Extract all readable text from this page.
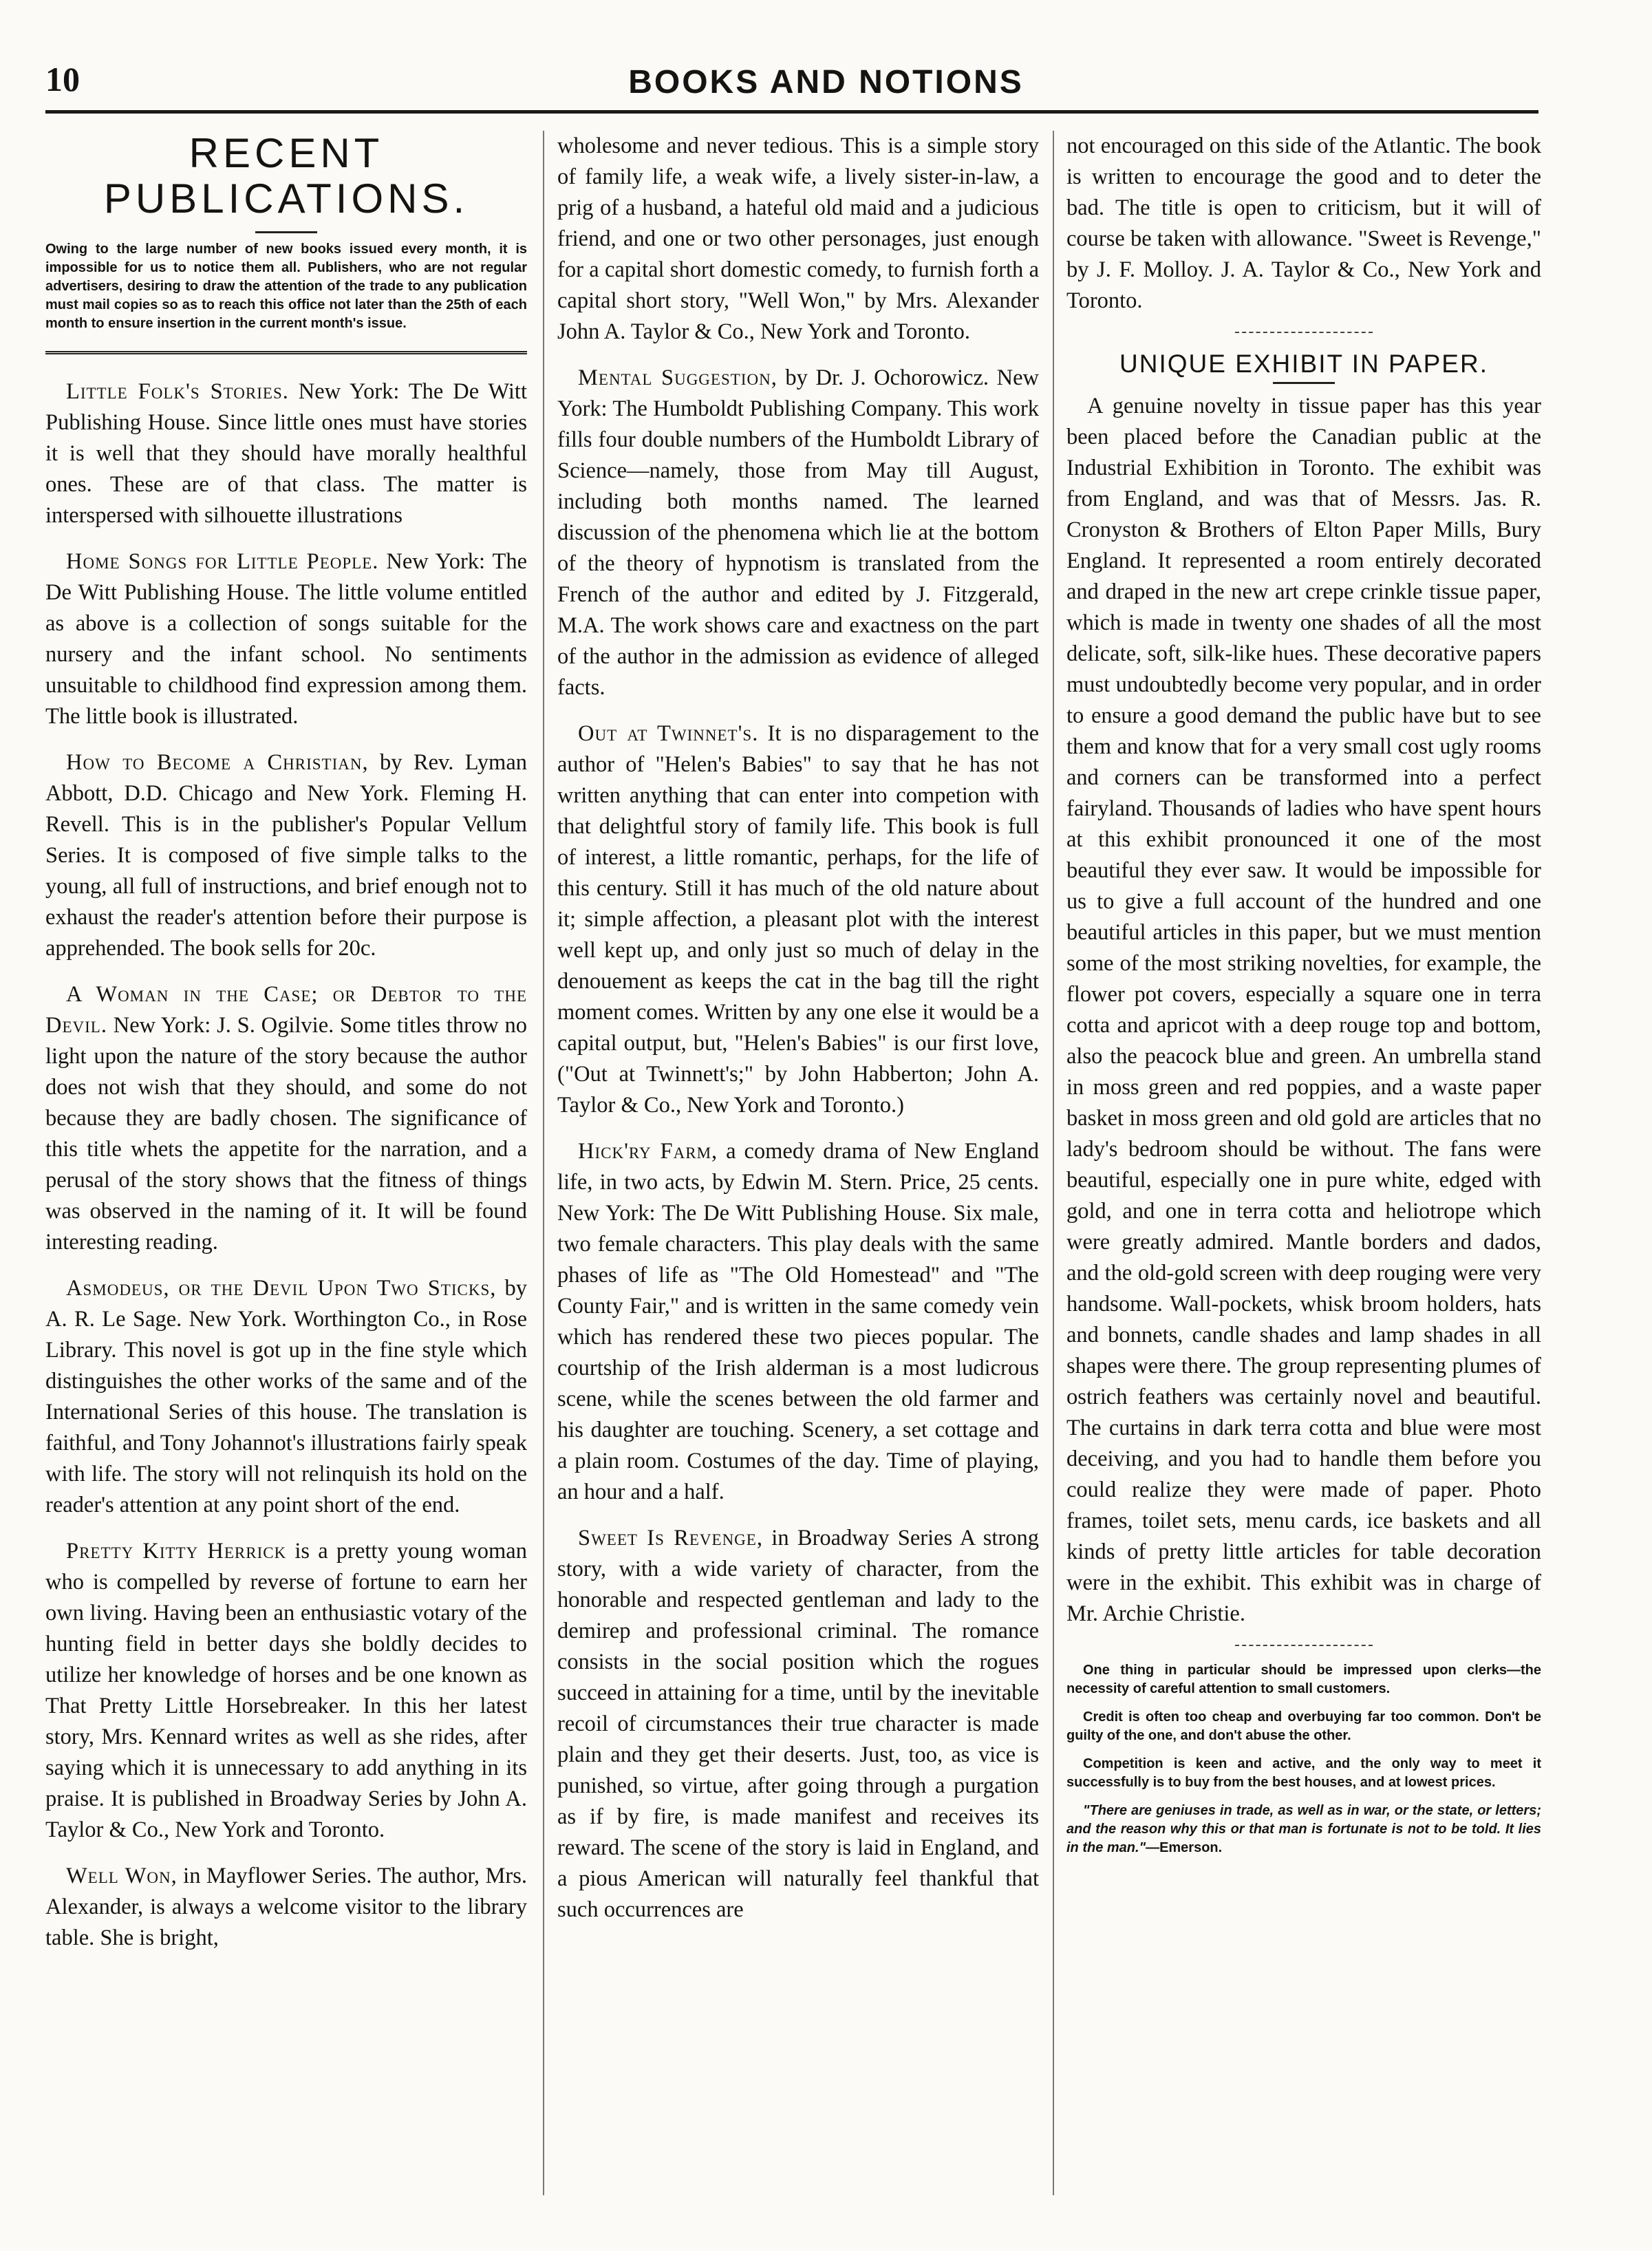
10	BOOKS AND NOTIONS
RECENT
PUBLICATIONS.

Owing to the large number of new books issued every month, it is impossible for us to notice them all. Publishers, who are not regular advertisers, desiring to draw the attention of the trade to any publication must mail copies so as to reach this office not later than the 25th of each month to ensure insertion in the current month's issue.

Little Folk's Stories. New York: The De Witt Publishing House. Since little ones must have stories it is well that they should have morally healthful ones. These are of that class. The matter is interspersed with silhouette illustrations

Home Songs for Little People. New York: The De Witt Publishing House. The little volume entitled as above is a collection of songs suitable for the nursery and the infant school. No sentiments unsuitable to childhood find expression among them. The little book is illustrated.

How to Become a Christian, by Rev. Lyman Abbott, D.D. Chicago and New York. Fleming H. Revell. This is in the publisher's Popular Vellum Series. It is composed of five simple talks to the young, all full of instructions, and brief enough not to exhaust the reader's attention before their purpose is apprehended. The book sells for 20c.

A Woman in the Case; or Debtor to the Devil. New York: J. S. Ogilvie. Some titles throw no light upon the nature of the story because the author does not wish that they should, and some do not because they are badly chosen. The significance of this title whets the appetite for the narration, and a perusal of the story shows that the fitness of things was observed in the naming of it. It will be found interesting reading.

Asmodeus, or the Devil Upon Two Sticks, by A. R. Le Sage. New York. Worthington Co., in Rose Library. This novel is got up in the fine style which distinguishes the other works of the same and of the International Series of this house. The translation is faithful, and Tony Johannot's illustrations fairly speak with life. The story will not relinquish its hold on the reader's attention at any point short of the end.

Pretty Kitty Herrick is a pretty young woman who is compelled by reverse of fortune to earn her own living. Having been an enthusiastic votary of the hunting field in better days she boldly decides to utilize her knowledge of horses and be one known as That Pretty Little Horsebreaker. In this her latest story, Mrs. Kennard writes as well as she rides, after saying which it is unnecessary to add anything in its praise. It is published in Broadway Series by John A. Taylor & Co., New York and Toronto.

Well Won, in Mayflower Series. The author, Mrs. Alexander, is always a welcome visitor to the library table. She is bright,

wholesome and never tedious. This is a simple story of family life, a weak wife, a lively sister-in-law, a prig of a husband, a hateful old maid and a judicious friend, and one or two other personages, just enough for a capital short domestic comedy, to furnish forth a capital short story, "Well Won," by Mrs. Alexander John A. Taylor & Co., New York and Toronto.

Mental Suggestion, by Dr. J. Ochorowicz. New York: The Humboldt Publishing Company. This work fills four double numbers of the Humboldt Library of Science—namely, those from May till August, including both months named. The learned discussion of the phenomena which lie at the bottom of the theory of hypnotism is translated from the French of the author and edited by J. Fitzgerald, M.A. The work shows care and exactness on the part of the author in the admission as evidence of alleged facts.

Out at Twinnet's. It is no disparagement to the author of "Helen's Babies" to say that he has not written anything that can enter into competion with that delightful story of family life. This book is full of interest, a little romantic, perhaps, for the life of this century. Still it has much of the old nature about it; simple affection, a pleasant plot with the interest well kept up, and only just so much of delay in the denouement as keeps the cat in the bag till the right moment comes. Written by any one else it would be a capital output, but, "Helen's Babies" is our first love, ("Out at Twinnett's;" by John Habberton; John A. Taylor & Co., New York and Toronto.)

Hick'ry Farm, a comedy drama of New England life, in two acts, by Edwin M. Stern. Price, 25 cents. New York: The De Witt Publishing House. Six male, two female characters. This play deals with the same phases of life as "The Old Homestead" and "The County Fair," and is written in the same comedy vein which has rendered these two pieces popular. The courtship of the Irish alderman is a most ludicrous scene, while the scenes between the old farmer and his daughter are touching. Scenery, a set cottage and a plain room. Costumes of the day. Time of playing, an hour and a half.

Sweet Is Revenge, in Broadway Series A strong story, with a wide variety of character, from the honorable and respected gentleman and lady to the demirep and professional criminal. The romance consists in the social position which the rogues succeed in attaining for a time, until by the inevitable recoil of circumstances their true character is made plain and they get their deserts. Just, too, as vice is punished, so virtue, after going through a purgation as if by fire, is made manifest and receives its reward. The scene of the story is laid in England, and a pious American will naturally feel thankful that such occurrences are

not encouraged on this side of the Atlantic. The book is written to encourage the good and to deter the bad. The title is open to criticism, but it will of course be taken with allowance. "Sweet is Revenge," by J. F. Molloy. J. A. Taylor & Co., New York and Toronto.

UNIQUE EXHIBIT IN PAPER.

A genuine novelty in tissue paper has this year been placed before the Canadian public at the Industrial Exhibition in Toronto. The exhibit was from England, and was that of Messrs. Jas. R. Cronyston & Brothers of Elton Paper Mills, Bury England. It represented a room entirely decorated and draped in the new art crepe crinkle tissue paper, which is made in twenty one shades of all the most delicate, soft, silk-like hues. These decorative papers must undoubtedly become very popular, and in order to ensure a good demand the public have but to see them and know that for a very small cost ugly rooms and corners can be transformed into a perfect fairyland. Thousands of ladies who have spent hours at this exhibit pronounced it one of the most beautiful they ever saw. It would be impossible for us to give a full account of the hundred and one beautiful articles in this paper, but we must mention some of the most striking novelties, for example, the flower pot covers, especially a square one in terra cotta and apricot with a deep rouge top and bottom, also the peacock blue and green. An umbrella stand in moss green and red poppies, and a waste paper basket in moss green and old gold are articles that no lady's bedroom should be without. The fans were beautiful, especially one in pure white, edged with gold, and one in terra cotta and heliotrope which were greatly admired. Mantle borders and dados, and the old-gold screen with deep rouging were very handsome. Wall-pockets, whisk broom holders, hats and bonnets, candle shades and lamp shades in all shapes were there. The group representing plumes of ostrich feathers was certainly novel and beautiful. The curtains in dark terra cotta and blue were most deceiving, and you had to handle them before you could realize they were made of paper. Photo frames, toilet sets, menu cards, ice baskets and all kinds of pretty little articles for table decoration were in the exhibit. This exhibit was in charge of Mr. Archie Christie.

One thing in particular should be impressed upon clerks—the necessity of careful attention to small customers.

Credit is often too cheap and overbuying far too common. Don't be guilty of the one, and don't abuse the other.

Competition is keen and active, and the only way to meet it successfully is to buy from the best houses, and at lowest prices.

"There are geniuses in trade, as well as in war, or the state, or letters; and the reason why this or that man is fortunate is not to be told. It lies in the man."—Emerson.
